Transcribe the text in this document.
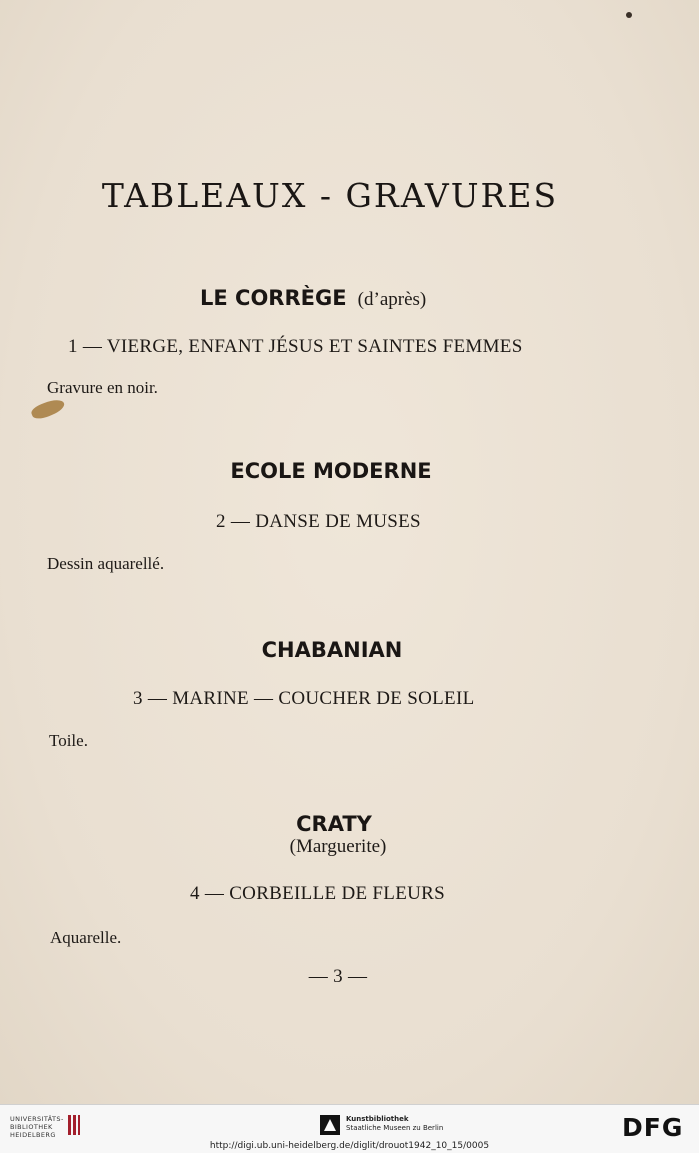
TABLEAUX - GRAVURES
LE CORRÈGE (d’après)
1 — VIERGE, ENFANT JÉSUS ET SAINTES FEMMES
Gravure en noir.
ECOLE MODERNE
2 — DANSE DE MUSES
Dessin aquarellé.
CHABANIAN
3 — MARINE — COUCHER DE SOLEIL
Toile.
CRATY
(Marguerite)
4 — CORBEILLE DE FLEURS
Aquarelle.
— 3 —
UNIVERSITÄTS-
BIBLIOTHEK
HEIDELBERG
Kunstbibliothek
Staatliche Museen zu Berlin	DFG
http://digi.ub.uni-heidelberg.de/diglit/drouot1942_10_15/0005
